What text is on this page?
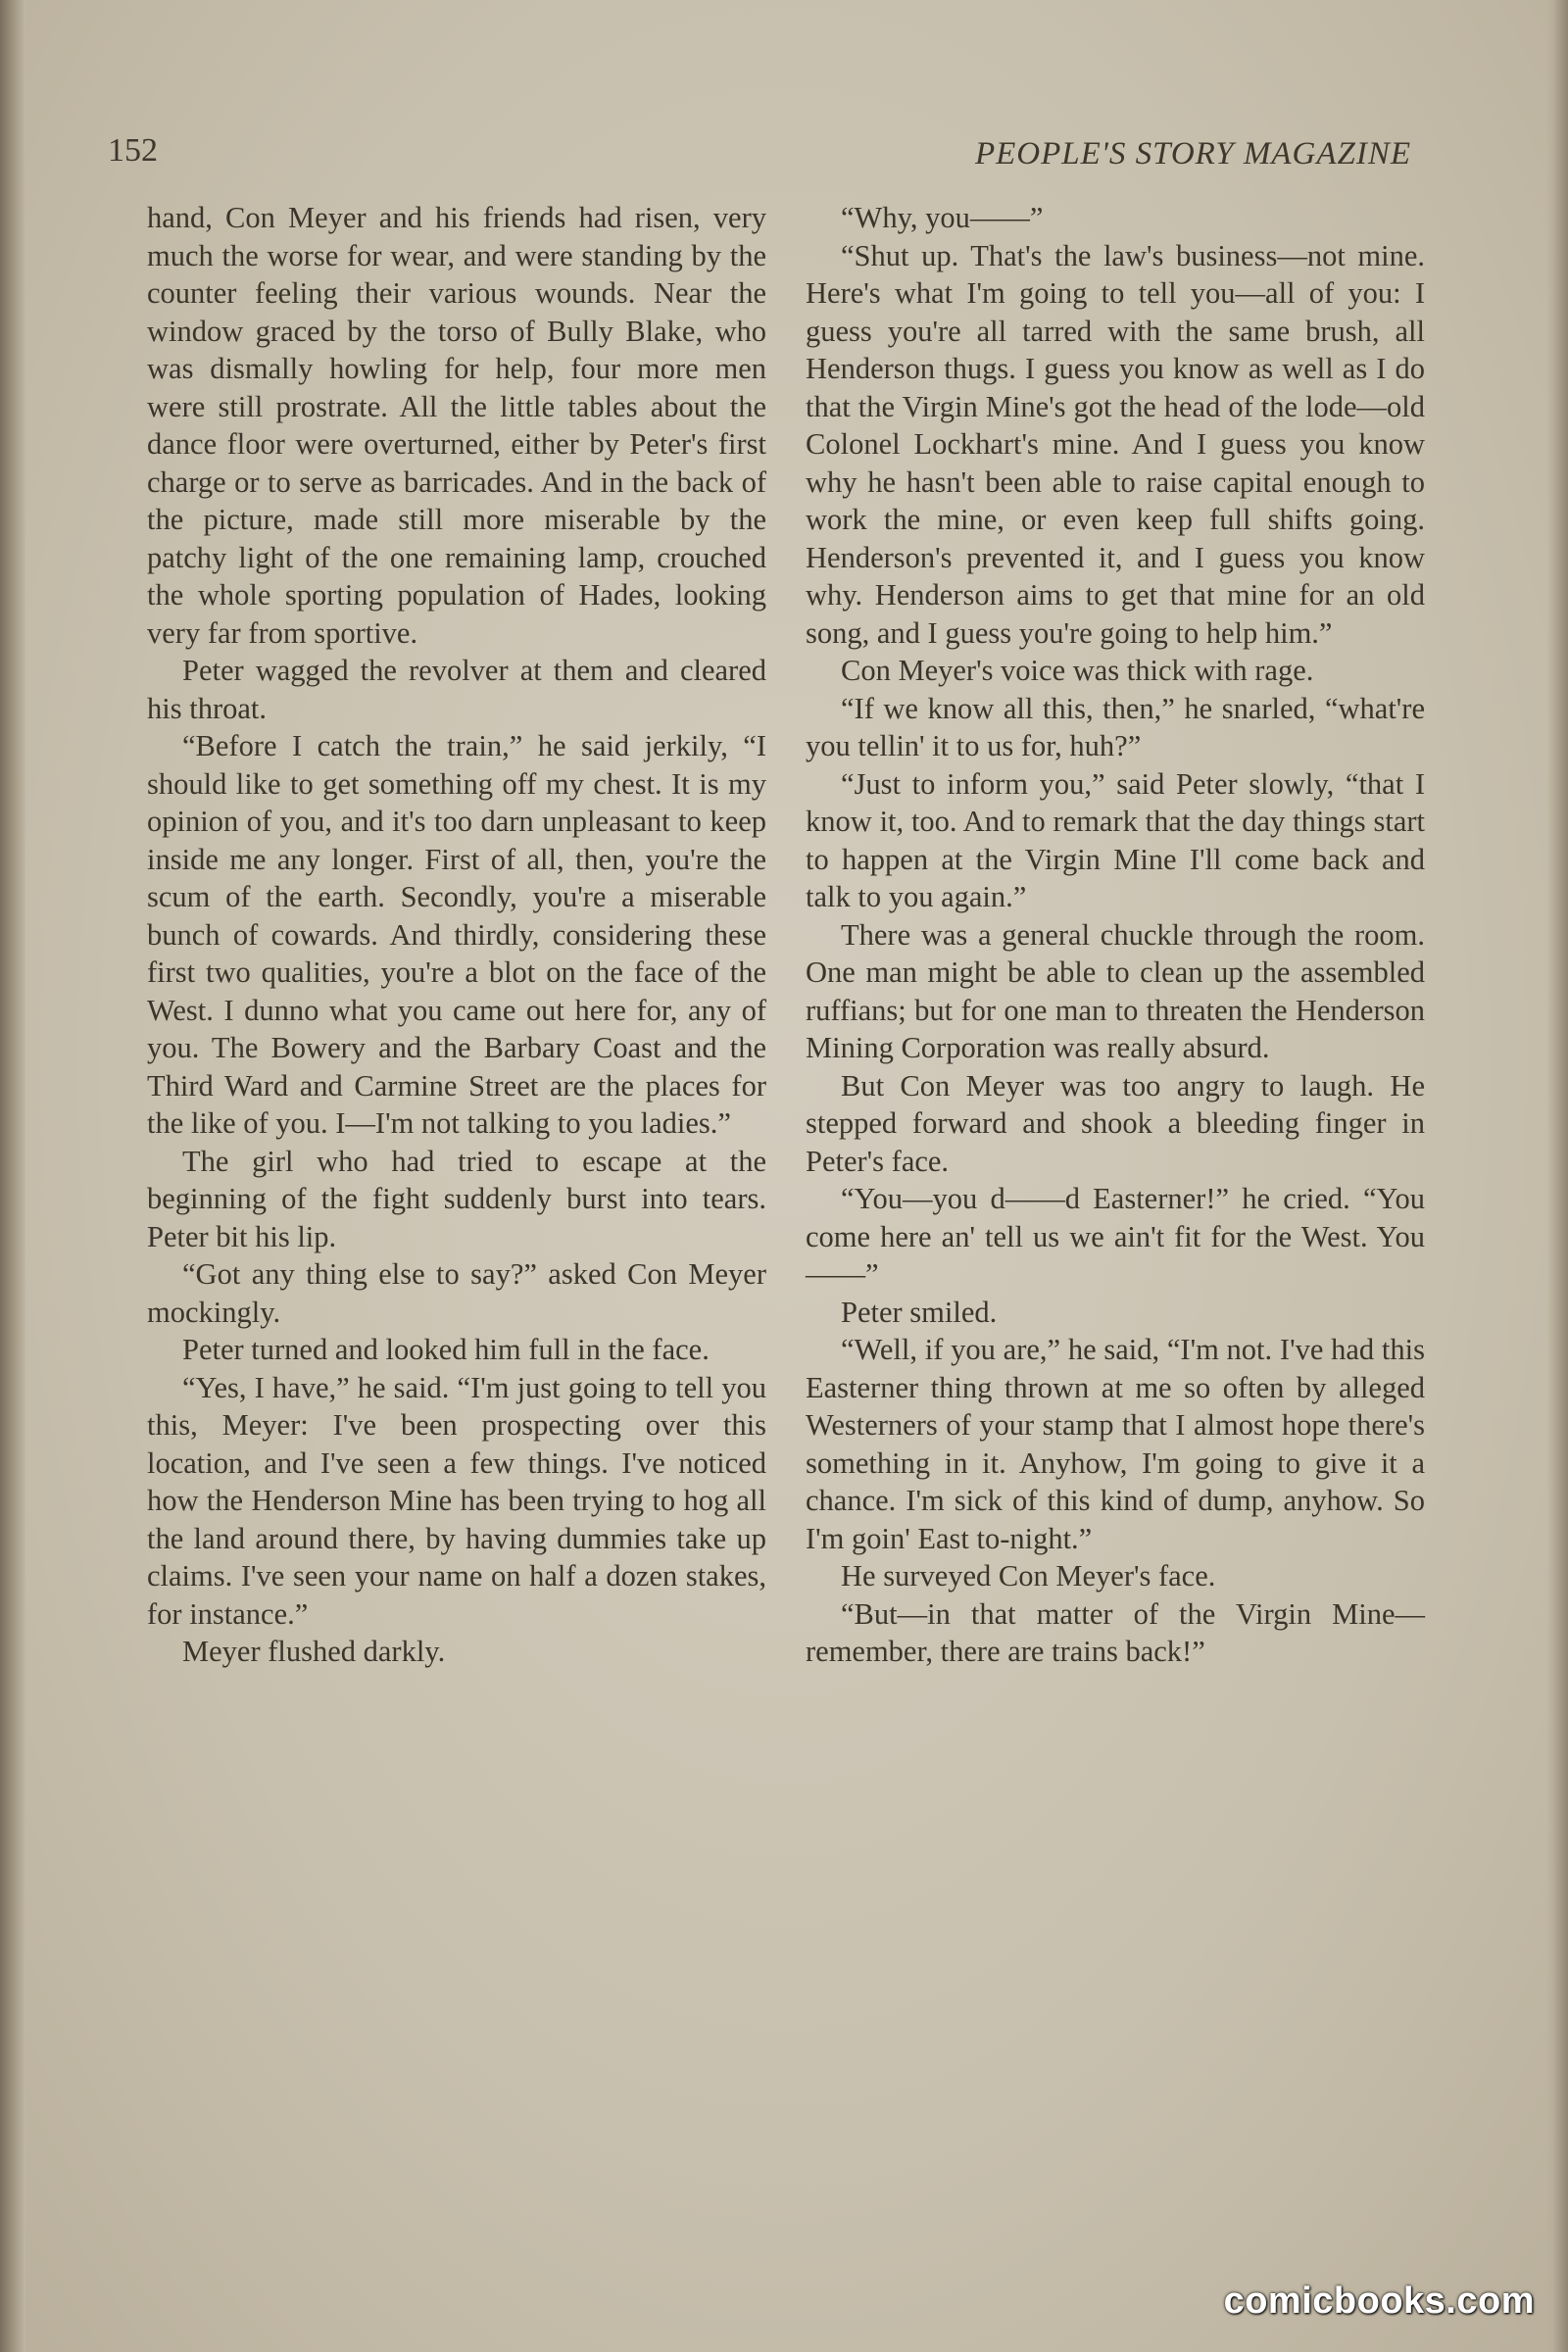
152	PEOPLE'S STORY MAGAZINE

hand, Con Meyer and his friends had risen, very much the worse for wear, and were standing by the counter feeling their various wounds. Near the window graced by the torso of Bully Blake, who was dismally howling for help, four more men were still prostrate. All the little tables about the dance floor were overturned, either by Peter's first charge or to serve as barricades. And in the back of the picture, made still more miserable by the patchy light of the one remaining lamp, crouched the whole sporting population of Hades, looking very far from sportive.

Peter wagged the revolver at them and cleared his throat.

“Before I catch the train,” he said jerkily, “I should like to get something off my chest. It is my opinion of you, and it's too darn unpleasant to keep inside me any longer. First of all, then, you're the scum of the earth. Secondly, you're a miserable bunch of cowards. And thirdly, considering these first two qualities, you're a blot on the face of the West. I dunno what you came out here for, any of you. The Bowery and the Barbary Coast and the Third Ward and Carmine Street are the places for the like of you. I—I'm not talking to you ladies.”

The girl who had tried to escape at the beginning of the fight suddenly burst into tears. Peter bit his lip.

“Got any thing else to say?” asked Con Meyer mockingly.

Peter turned and looked him full in the face.

“Yes, I have,” he said. “I'm just going to tell you this, Meyer: I've been prospecting over this location, and I've seen a few things. I've noticed how the Henderson Mine has been trying to hog all the land around there, by having dummies take up claims. I've seen your name on half a dozen stakes, for instance.”

Meyer flushed darkly.

“Why, you——”

“Shut up. That's the law's business—not mine. Here's what I'm going to tell you—all of you: I guess you're all tarred with the same brush, all Henderson thugs. I guess you know as well as I do that the Virgin Mine's got the head of the lode—old Colonel Lockhart's mine. And I guess you know why he hasn't been able to raise capital enough to work the mine, or even keep full shifts going. Henderson's prevented it, and I guess you know why. Henderson aims to get that mine for an old song, and I guess you're going to help him.”

Con Meyer's voice was thick with rage.

“If we know all this, then,” he snarled, “what're you tellin' it to us for, huh?”

“Just to inform you,” said Peter slowly, “that I know it, too. And to remark that the day things start to happen at the Virgin Mine I'll come back and talk to you again.”

There was a general chuckle through the room. One man might be able to clean up the assembled ruffians; but for one man to threaten the Henderson Mining Corporation was really absurd.

But Con Meyer was too angry to laugh. He stepped forward and shook a bleeding finger in Peter's face.

“You—you d——d Easterner!” he cried. “You come here an' tell us we ain't fit for the West. You——”

Peter smiled.

“Well, if you are,” he said, “I'm not. I've had this Easterner thing thrown at me so often by alleged Westerners of your stamp that I almost hope there's something in it. Anyhow, I'm going to give it a chance. I'm sick of this kind of dump, anyhow. So I'm goin' East to-night.”

He surveyed Con Meyer's face.

“But—in that matter of the Virgin Mine—remember, there are trains back!”

comicbooks.com
